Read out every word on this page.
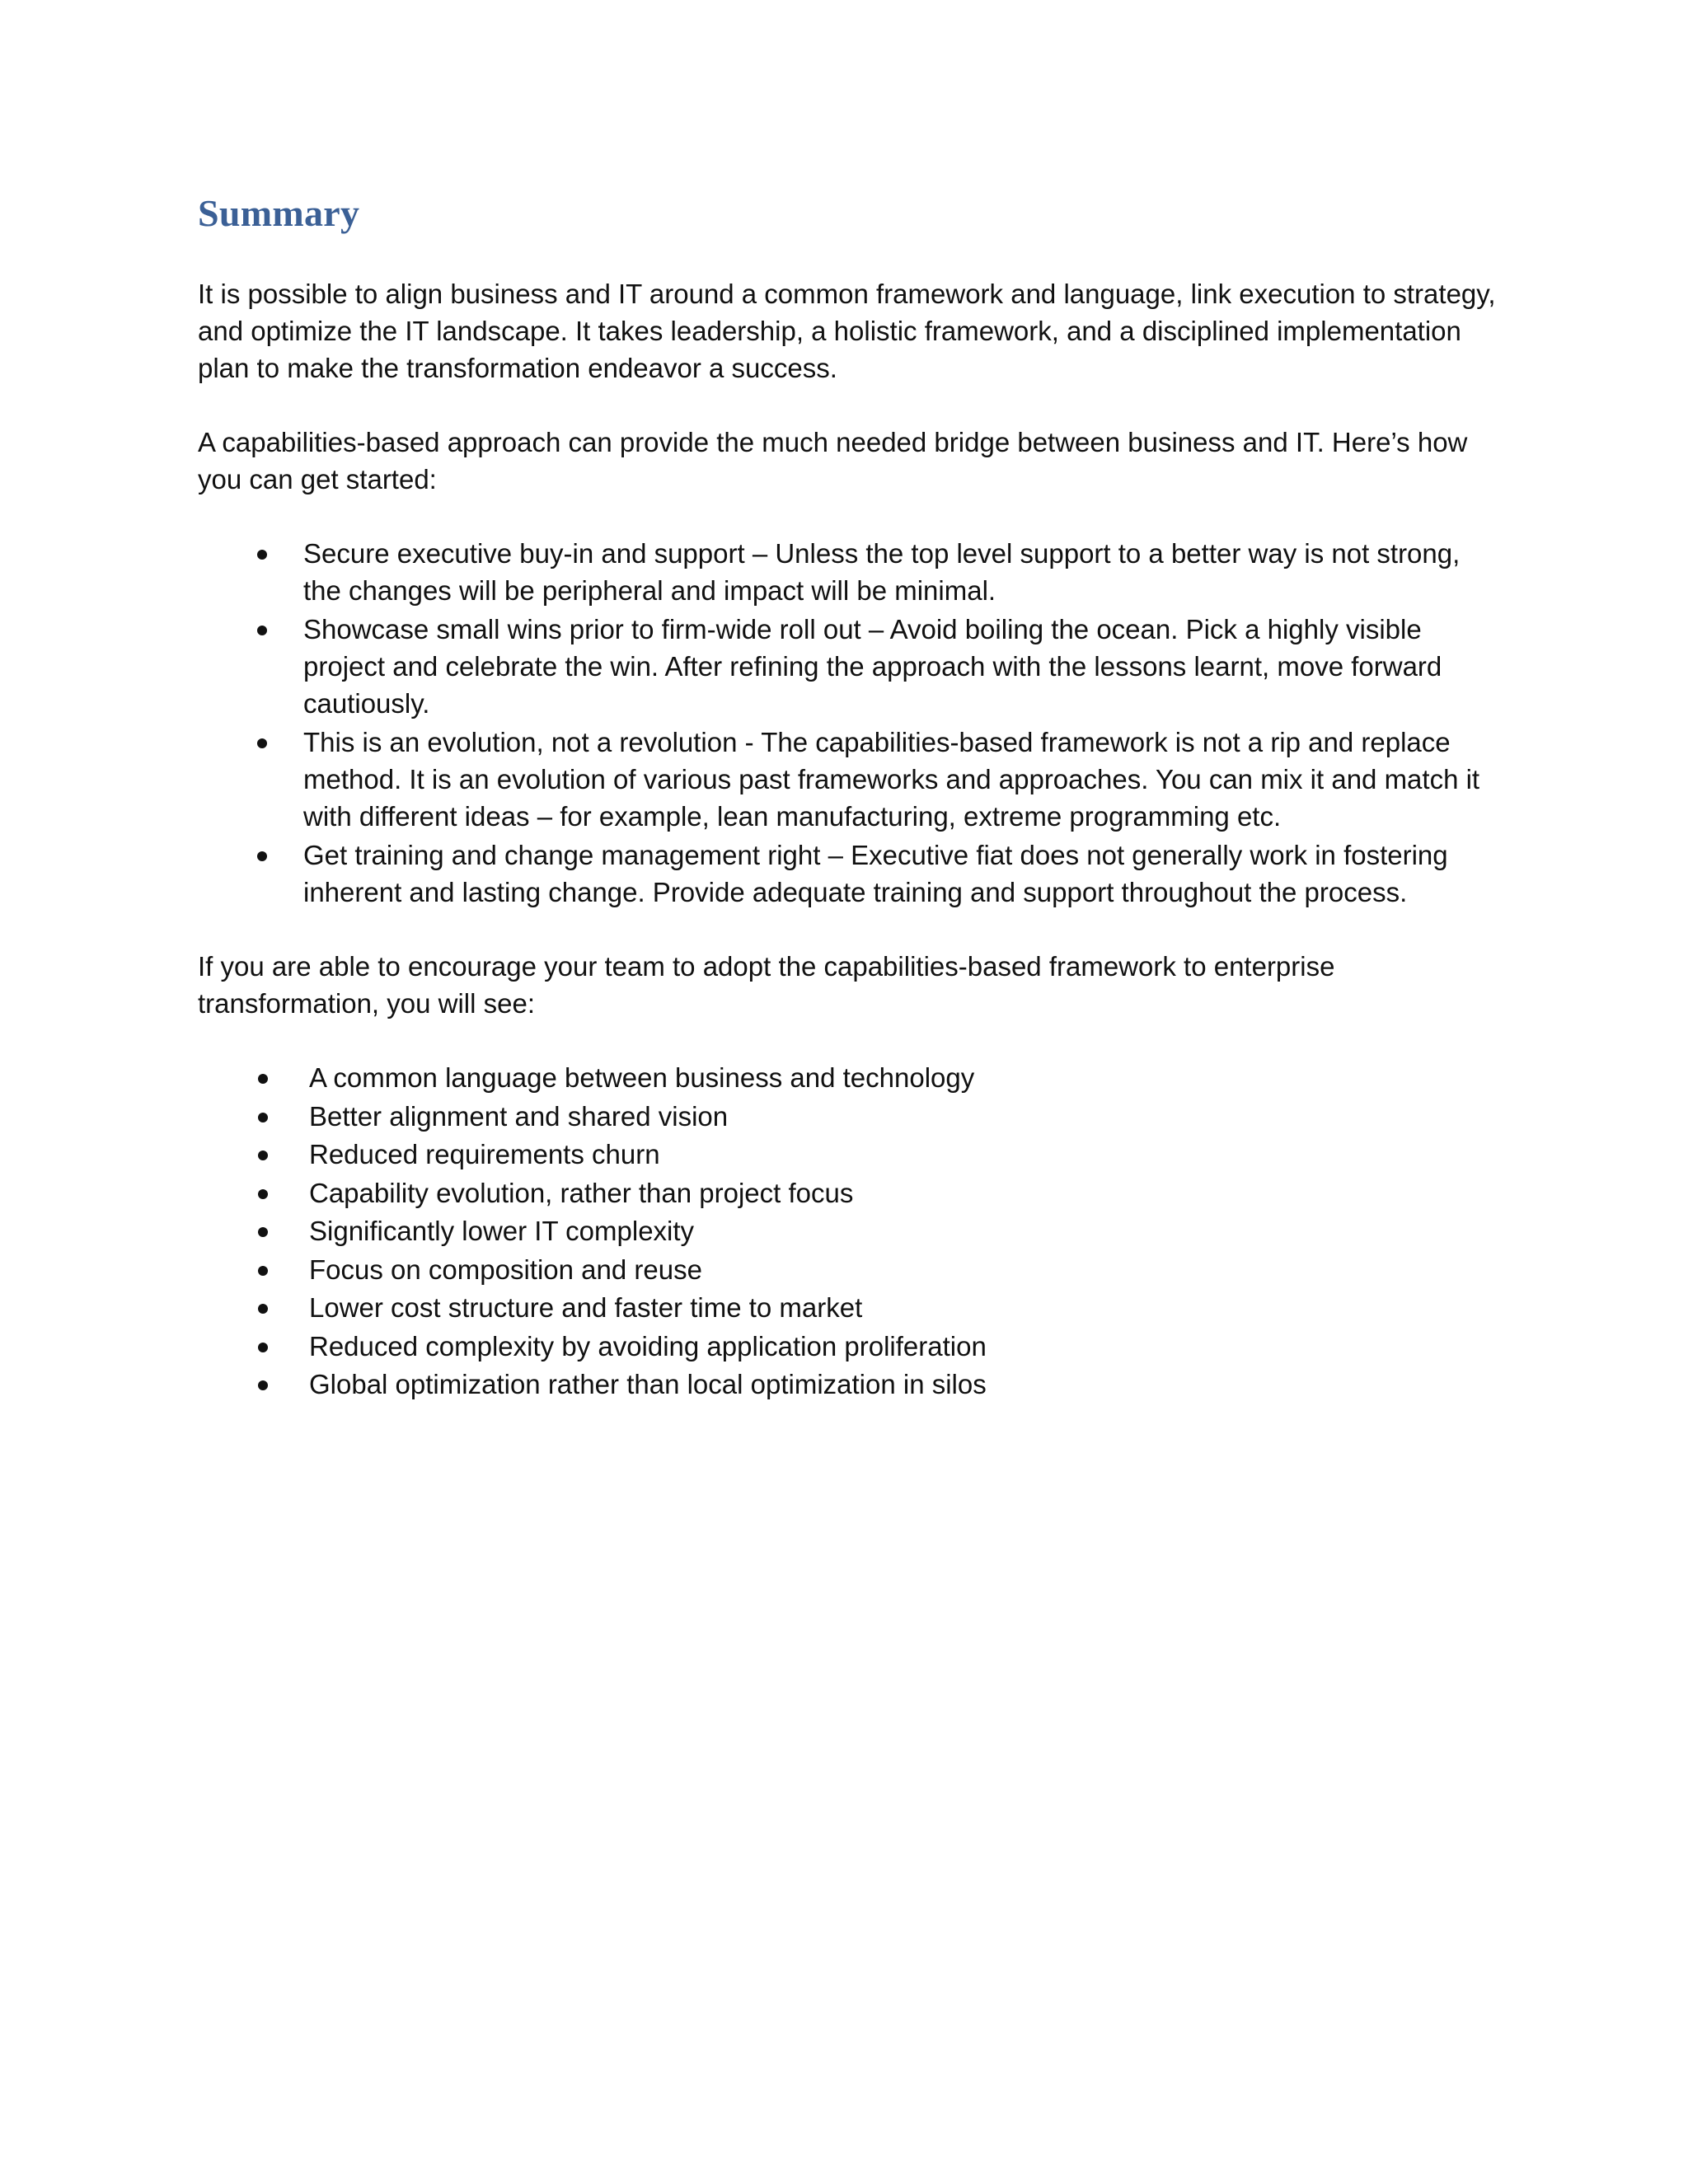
Summary

It is possible to align business and IT around a common framework and language, link execution to strategy, and optimize the IT landscape. It takes leadership, a holistic framework, and a disciplined implementation plan to make the transformation endeavor a success.

A capabilities-based approach can provide the much needed bridge between business and IT. Here’s how you can get started:

Secure executive buy-in and support – Unless the top level support to a better way is not strong, the changes will be peripheral and impact will be minimal.
Showcase small wins prior to firm-wide roll out – Avoid boiling the ocean. Pick a highly visible project and celebrate the win. After refining the approach with the lessons learnt, move forward cautiously.
This is an evolution, not a revolution - The capabilities-based framework is not a rip and replace method. It is an evolution of various past frameworks and approaches. You can mix it and match it with different ideas – for example, lean manufacturing, extreme programming etc.
Get training and change management right – Executive fiat does not generally work in fostering inherent and lasting change. Provide adequate training and support throughout the process.

If you are able to encourage your team to adopt the capabilities-based framework to enterprise transformation, you will see:

A common language between business and technology
Better alignment and shared vision
Reduced requirements churn
Capability evolution, rather than project focus
Significantly lower IT complexity
Focus on composition and reuse
Lower cost structure and faster time to market
Reduced complexity by avoiding application proliferation
Global optimization rather than local optimization in silos
